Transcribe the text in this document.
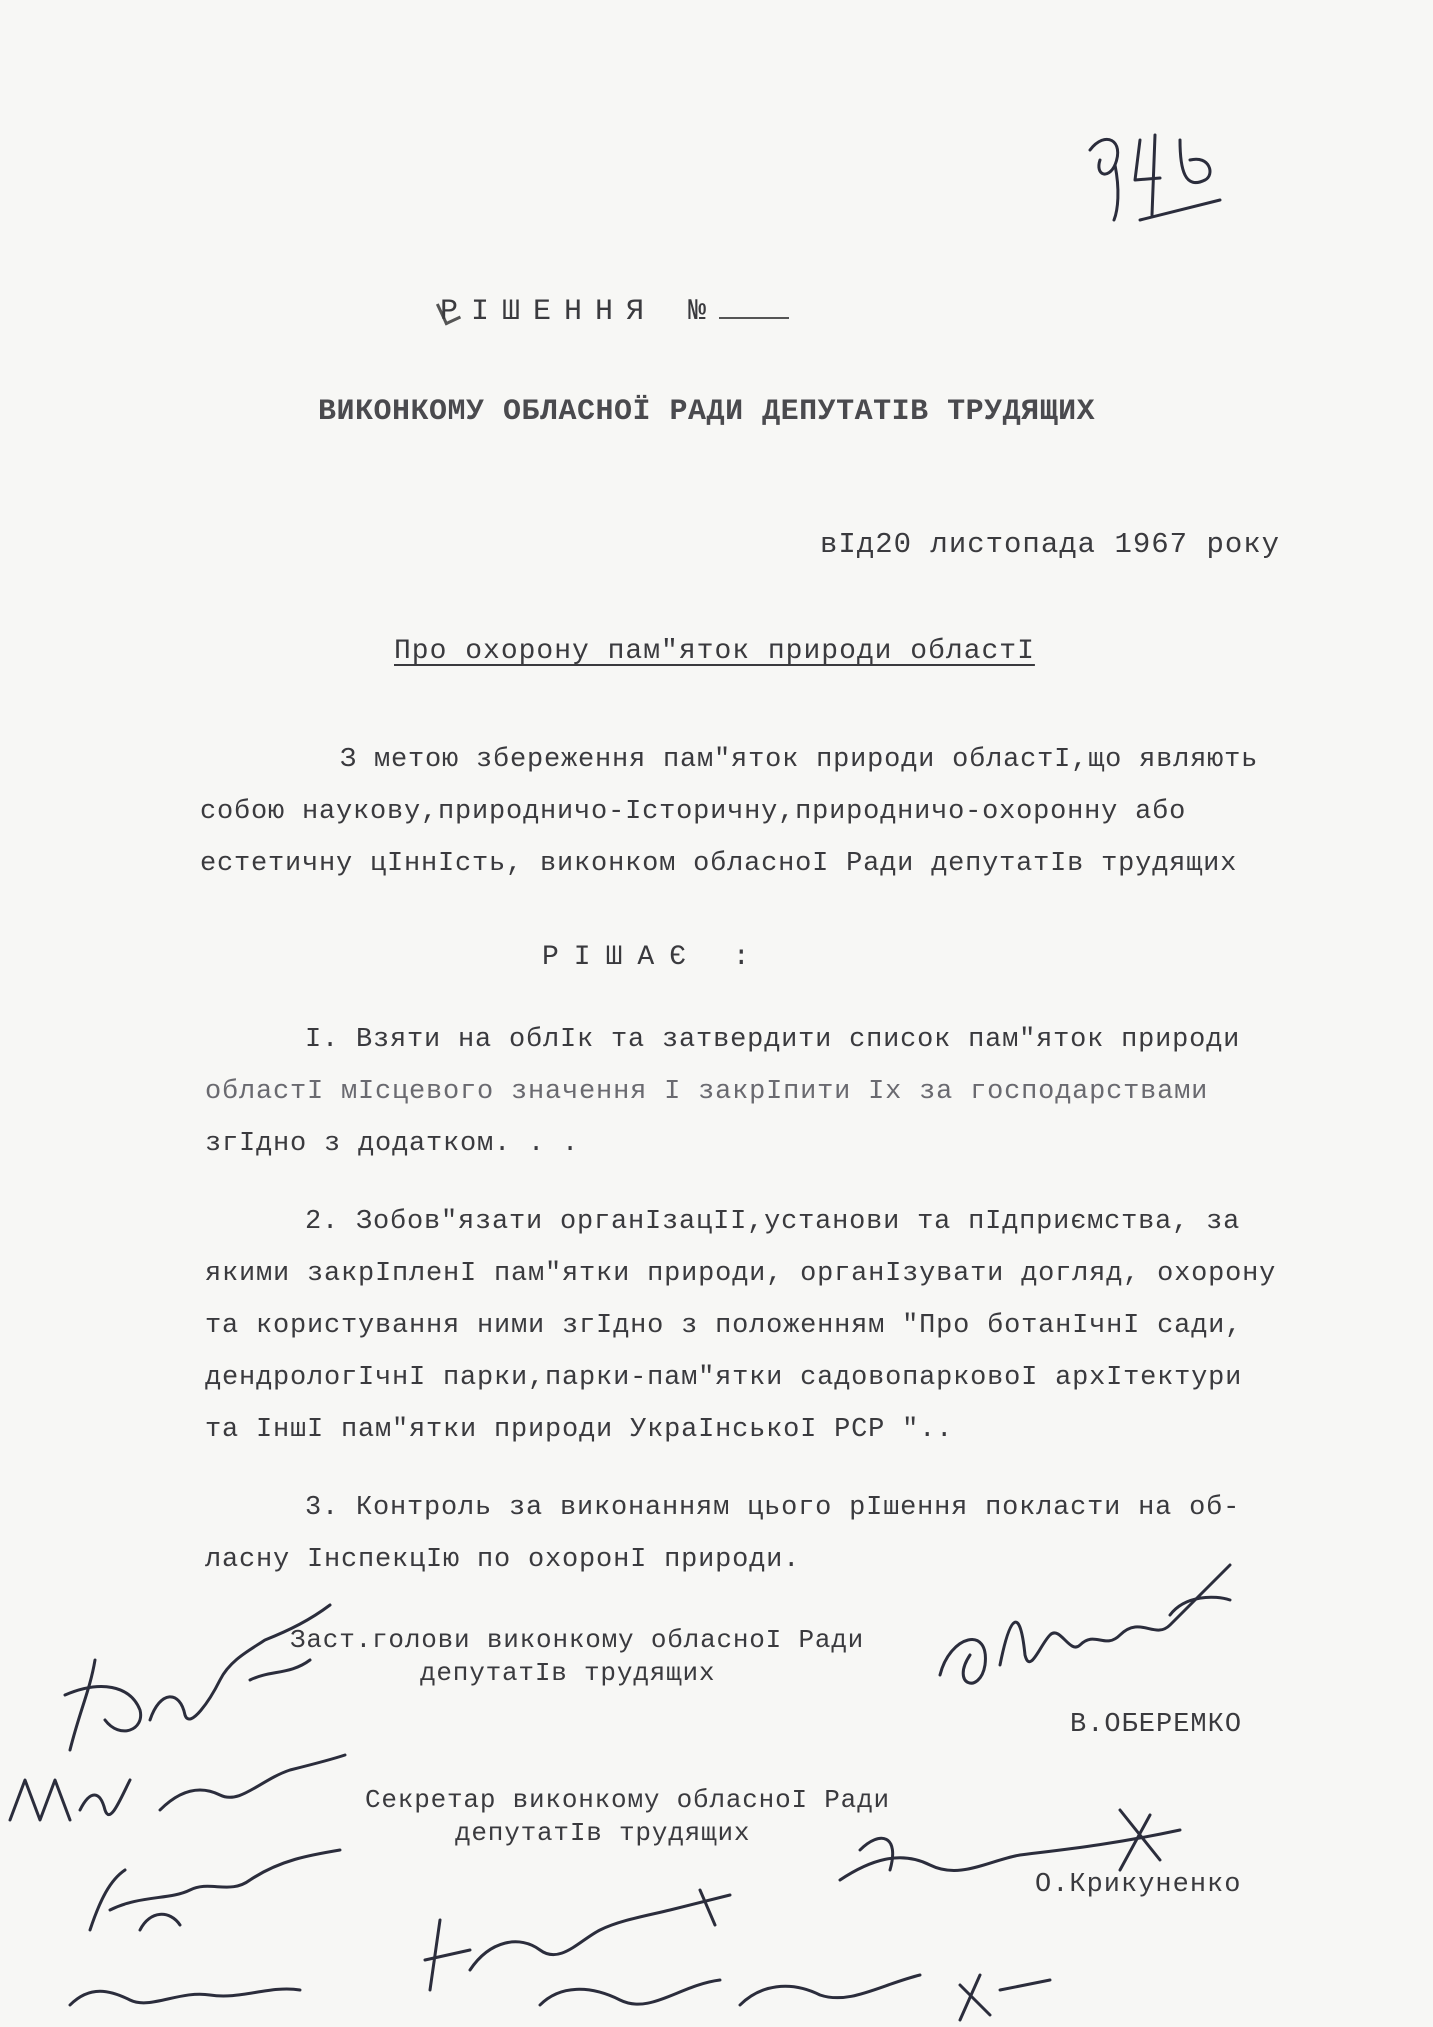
РІШЕННЯ №
ВИКОНКОМУ ОБЛАСНОЇ РАДИ ДЕПУТАТІВ ТРУДЯЩИХ
вІд20 листопада 1967 року
Про охорону пам"яток природи областІ
З метою збереження пам"яток природи областІ,що являють
собою наукову,природничо-Історичну,природничо-охоронну або
естетичну цІннІсть, виконком обласноІ Ради депутатІв трудящих
РІШАЄ :
І. Взяти на облІк та затвердити список пам"яток природи
областІ мІсцевого значення І закрІпити Іх за господарствами
згІдно з додатком. . .
2. Зобов"язати органІзацІІ,установи та пІдприємства, за
якими закрІпленІ пам"ятки природи, органІзувати догляд, охорону
та користування ними згІдно з положенням "Про ботанІчнІ сади,
дендрологІчнІ парки,парки-пам"ятки садовопарковоІ архІтектури
та ІншІ пам"ятки природи УкраІнськоІ РСР "..
3. Контроль за виконанням цього рІшення покласти на об-
ласну ІнспекцІю по охоронІ природи.
Заст.голови виконкому обласноІ Ради
депутатІв трудящих
В.ОБЕРЕМКО
Секретар виконкому обласноІ Ради
депутатІв трудящих
О.Крикуненко
